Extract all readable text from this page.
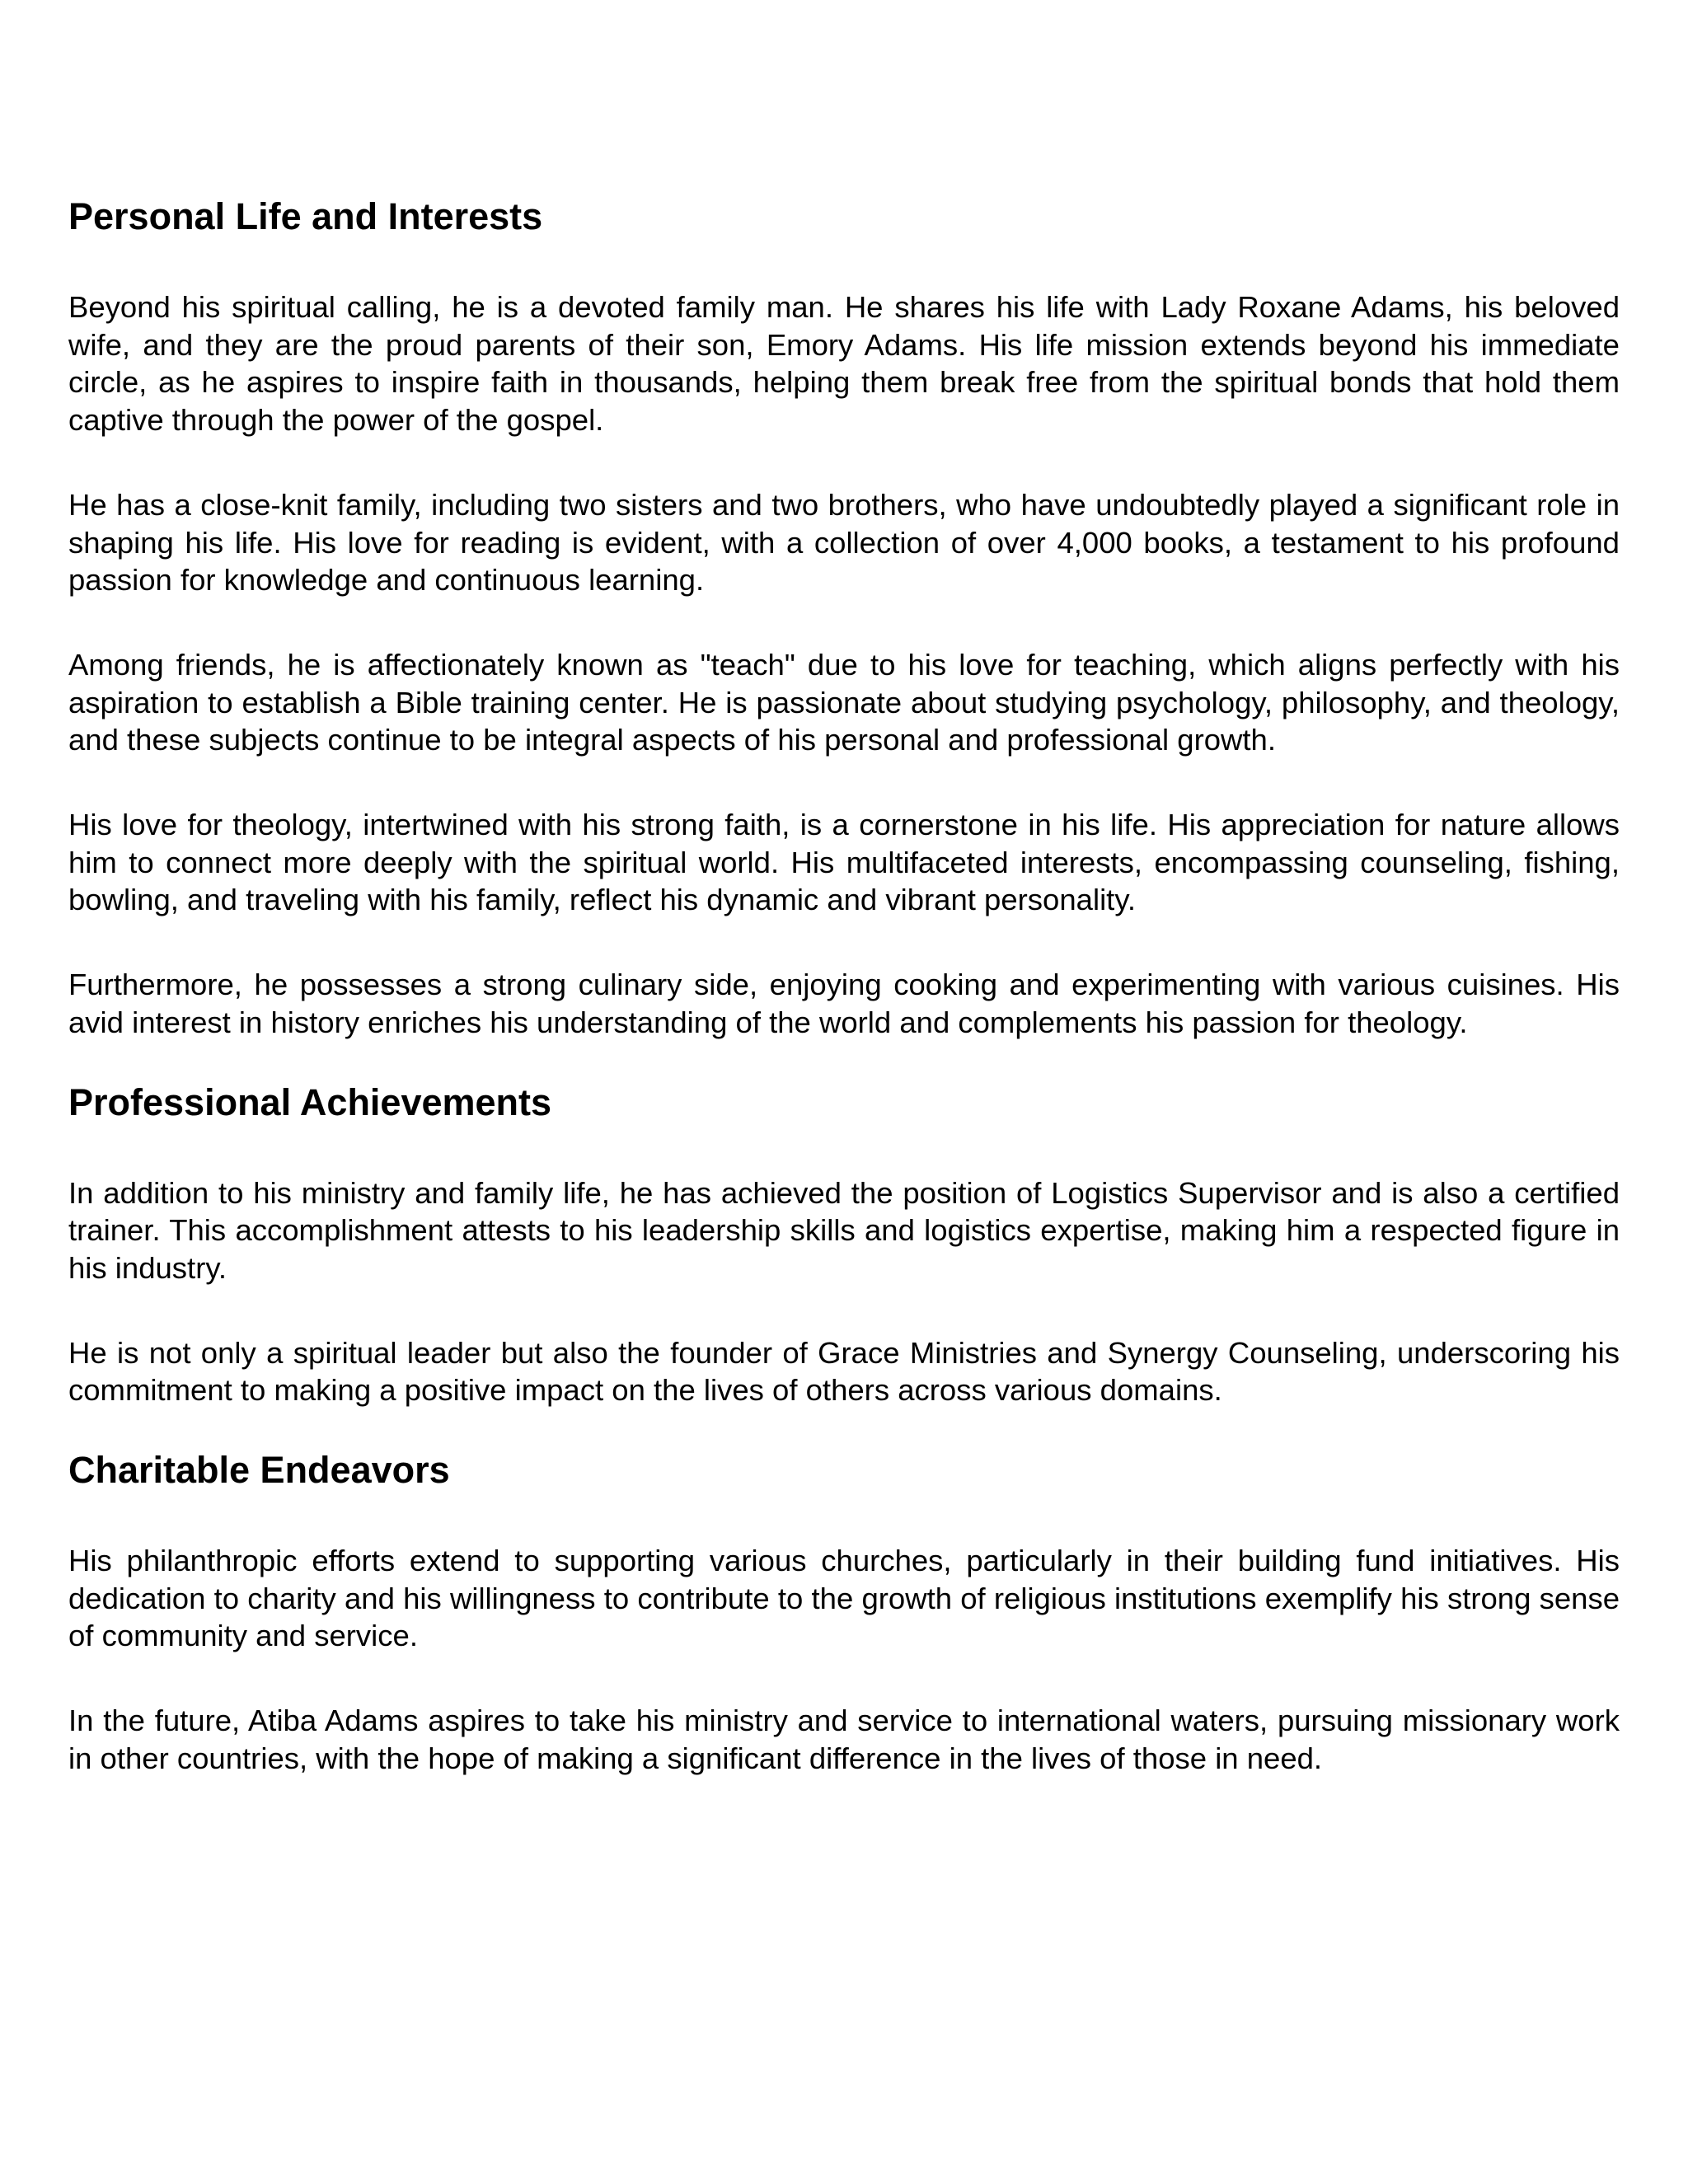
Personal Life and Interests

Beyond his spiritual calling, he is a devoted family man. He shares his life with Lady Roxane Adams, his beloved wife, and they are the proud parents of their son, Emory Adams. His life mission extends beyond his immediate circle, as he aspires to inspire faith in thousands, helping them break free from the spiritual bonds that hold them captive through the power of the gospel.

He has a close-knit family, including two sisters and two brothers, who have undoubtedly played a significant role in shaping his life. His love for reading is evident, with a collection of over 4,000 books, a testament to his profound passion for knowledge and continuous learning.

Among friends, he is affectionately known as "teach" due to his love for teaching, which aligns perfectly with his aspiration to establish a Bible training center. He is passionate about studying psychology, philosophy, and theology, and these subjects continue to be integral aspects of his personal and professional growth.

His love for theology, intertwined with his strong faith, is a cornerstone in his life. His appreciation for nature allows him to connect more deeply with the spiritual world. His multifaceted interests, encompassing counseling, fishing, bowling, and traveling with his family, reflect his dynamic and vibrant personality.

Furthermore, he possesses a strong culinary side, enjoying cooking and experimenting with various cuisines. His avid interest in history enriches his understanding of the world and complements his passion for theology.

Professional Achievements

In addition to his ministry and family life, he has achieved the position of Logistics Supervisor and is also a certified trainer. This accomplishment attests to his leadership skills and logistics expertise, making him a respected figure in his industry.

He is not only a spiritual leader but also the founder of Grace Ministries and Synergy Counseling, underscoring his commitment to making a positive impact on the lives of others across various domains.

Charitable Endeavors

His philanthropic efforts extend to supporting various churches, particularly in their building fund initiatives. His dedication to charity and his willingness to contribute to the growth of religious institutions exemplify his strong sense of community and service.

In the future, Atiba Adams aspires to take his ministry and service to international waters, pursuing missionary work in other countries, with the hope of making a significant difference in the lives of those in need.
